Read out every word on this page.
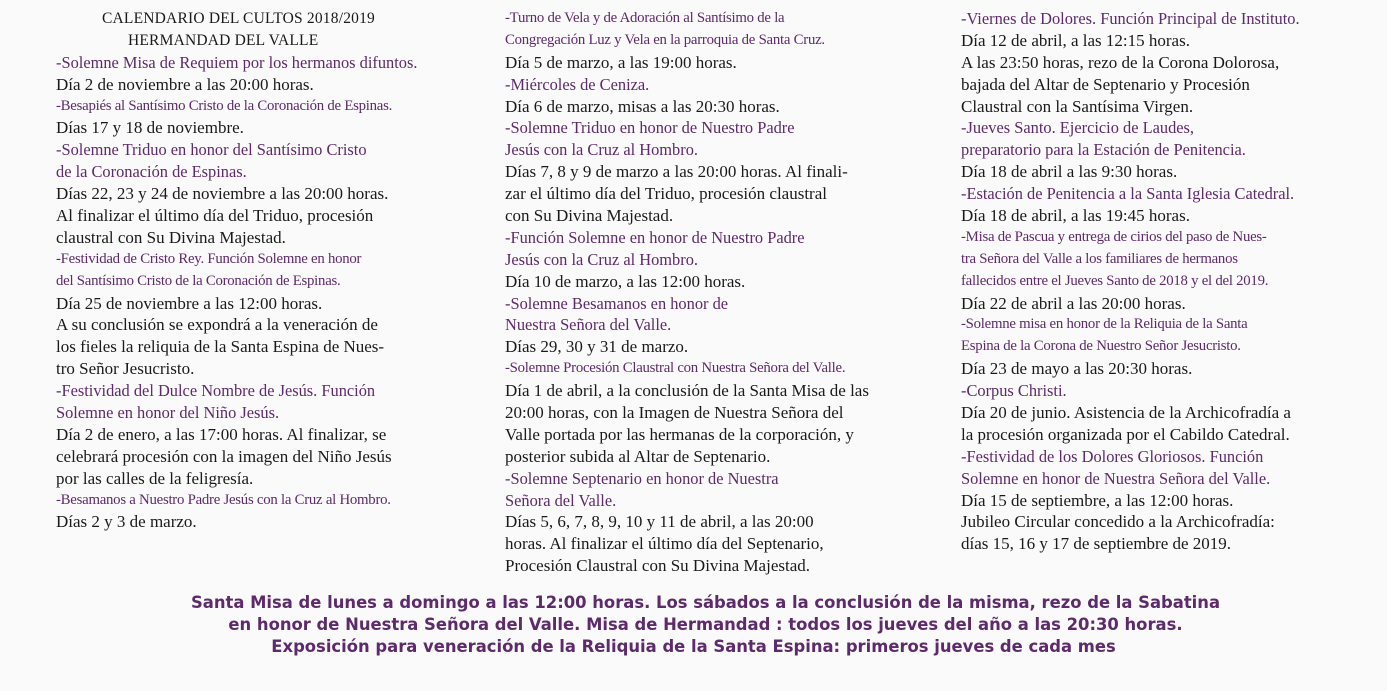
CALENDARIO DEL CULTOS 2018/2019
HERMANDAD DEL VALLE
-Solemne Misa de Requiem por los hermanos difuntos.
Día 2 de noviembre a las 20:00 horas.
-Besapiés al Santísimo Cristo de la Coronación de Espinas.
Días 17 y 18 de noviembre.
-Solemne Triduo en honor del Santísimo Cristo
de la Coronación de Espinas.
Días 22, 23 y 24 de noviembre a las 20:00 horas.
Al finalizar el último día del Triduo, procesión
claustral con Su Divina Majestad.
-Festividad de Cristo Rey. Función Solemne en honor
del Santísimo Cristo de la Coronación de Espinas.
Día 25 de noviembre a las 12:00 horas.
A su conclusión se expondrá a la veneración de
los fieles la reliquia de la Santa Espina de Nues-
tro Señor Jesucristo.
-Festividad del Dulce Nombre de Jesús. Función
Solemne en honor del Niño Jesús.
Día 2 de enero, a las 17:00 horas. Al finalizar, se
celebrará procesión con la imagen del Niño Jesús
por las calles de la feligresía.
-Besamanos a Nuestro Padre Jesús con la Cruz al Hombro.
Días 2 y 3 de marzo.
-Turno de Vela y de Adoración al Santísimo de la
Congregación Luz y Vela en la parroquia de Santa Cruz.
Día 5 de marzo, a las 19:00 horas.
-Miércoles de Ceniza.
Día 6 de marzo, misas a las 20:30 horas.
-Solemne Triduo en honor de Nuestro Padre
Jesús con la Cruz al Hombro.
Días 7, 8 y 9 de marzo a las 20:00 horas. Al finali-
zar el último día del Triduo, procesión claustral
con Su Divina Majestad.
-Función Solemne en honor de Nuestro Padre
Jesús con la Cruz al Hombro.
Día 10 de marzo, a las 12:00 horas.
-Solemne Besamanos en honor de
Nuestra Señora del Valle.
Días 29, 30 y 31 de marzo.
-Solemne Procesión Claustral con Nuestra Señora del Valle.
Día 1 de abril, a la conclusión de la Santa Misa de las
20:00 horas, con la Imagen de Nuestra Señora del
Valle portada por las hermanas de la corporación, y
posterior subida al Altar de Septenario.
-Solemne Septenario en honor de Nuestra
Señora del Valle.
Días 5, 6, 7, 8, 9, 10 y 11 de abril, a las 20:00
horas. Al finalizar el último día del Septenario,
Procesión Claustral con Su Divina Majestad.
-Viernes de Dolores. Función Principal de Instituto.
Día 12 de abril, a las 12:15 horas.
A las 23:50 horas, rezo de la Corona Dolorosa,
bajada del Altar de Septenario y Procesión
Claustral con la Santísima Virgen.
-Jueves Santo. Ejercicio de Laudes,
preparatorio para la Estación de Penitencia.
Día 18 de abril a las 9:30 horas.
-Estación de Penitencia a la Santa Iglesia Catedral.
Día 18 de abril, a las 19:45 horas.
-Misa de Pascua y entrega de cirios del paso de Nues-
tra Señora del Valle a los familiares de hermanos
fallecidos entre el Jueves Santo de 2018 y el del 2019.
Día 22 de abril a las 20:00 horas.
-Solemne misa en honor de la Reliquia de la Santa
Espina de la Corona de Nuestro Señor Jesucristo.
Día 23 de mayo a las 20:30 horas.
-Corpus Christi.
Día 20 de junio. Asistencia de la Archicofradía a
la procesión organizada por el Cabildo Catedral.
-Festividad de los Dolores Gloriosos. Función
Solemne en honor de Nuestra Señora del Valle.
Día 15 de septiembre, a las 12:00 horas.
Jubileo Circular concedido a la Archicofradía:
días 15, 16 y 17 de septiembre de 2019.
Santa Misa de lunes a domingo a las 12:00 horas. Los sábados a la conclusión de la misma, rezo de la Sabatina
en honor de Nuestra Señora del Valle. Misa de Hermandad : todos los jueves del año a las 20:30 horas.
Exposición para veneración de la Reliquia de la Santa Espina: primeros jueves de cada mes
